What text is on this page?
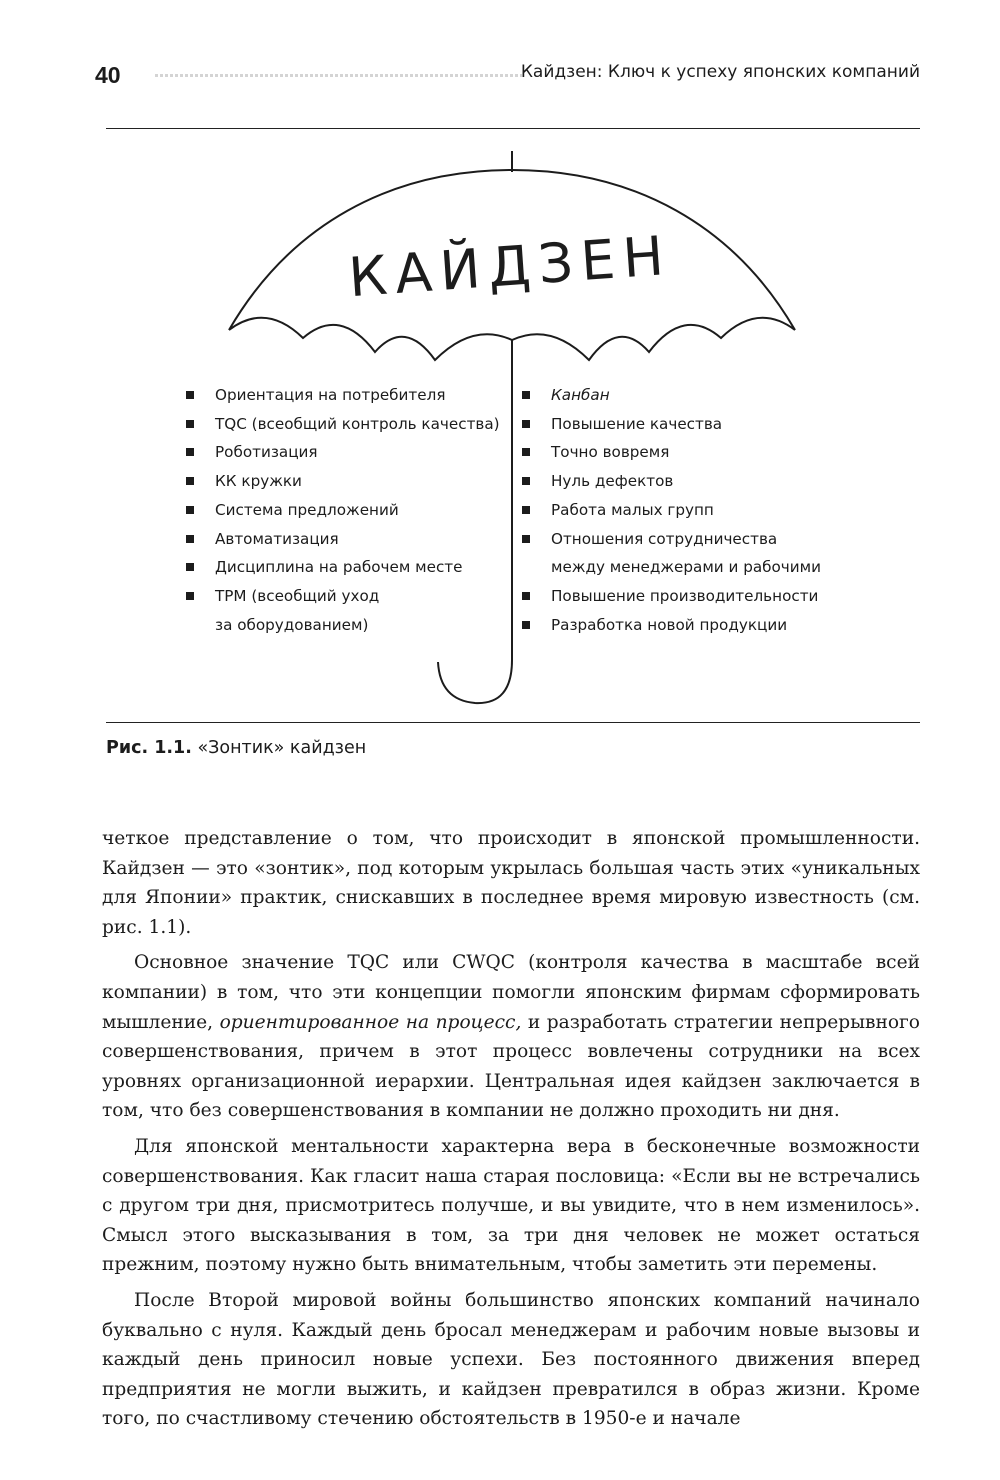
40	Кайдзен: Ключ к успеху японских компаний
КАЙДЗЕН
Ориентация на потребителя
TQC (всеобщий контроль качества)
Роботизация
КК кружки
Система предложений
Автоматизация
Дисциплина на рабочем месте
TPM (всеобщий уход
за оборудованием)
Канбан
Повышение качества
Точно вовремя
Нуль дефектов
Работа малых групп
Отношения сотрудничества
между менеджерами и рабочими
Повышение производительности
Разработка новой продукции
Рис. 1.1. «Зонтик» кайдзен

четкое представление о том, что происходит в японской промышленности. Кайдзен — это «зонтик», под которым укрылась большая часть этих «уникальных для Японии» практик, снискавших в последнее время мировую известность (см. рис. 1.1).

Основное значение TQC или CWQC (контроля качества в масштабе всей компании) в том, что эти концепции помогли японским фирмам сформировать мышление, ориентированное на процесс, и разработать стратегии непрерывного совершенствования, причем в этот процесс вовлечены сотрудники на всех уровнях организационной иерархии. Центральная идея кайдзен заключается в том, что без совершенствования в компании не должно проходить ни дня.

Для японской ментальности характерна вера в бесконечные возможности совершенствования. Как гласит наша старая пословица: «Если вы не встречались с другом три дня, присмотритесь получше, и вы увидите, что в нем изменилось». Смысл этого высказывания в том, за три дня человек не может остаться прежним, поэтому нужно быть внимательным, чтобы заметить эти перемены.

После Второй мировой войны большинство японских компаний начинало буквально с нуля. Каждый день бросал менеджерам и рабочим новые вызовы и каждый день приносил новые успехи. Без постоянного движения вперед предприятия не могли выжить, и кайдзен превратился в образ жизни. Кроме того, по счастливому стечению обстоятельств в 1950-е и начале
